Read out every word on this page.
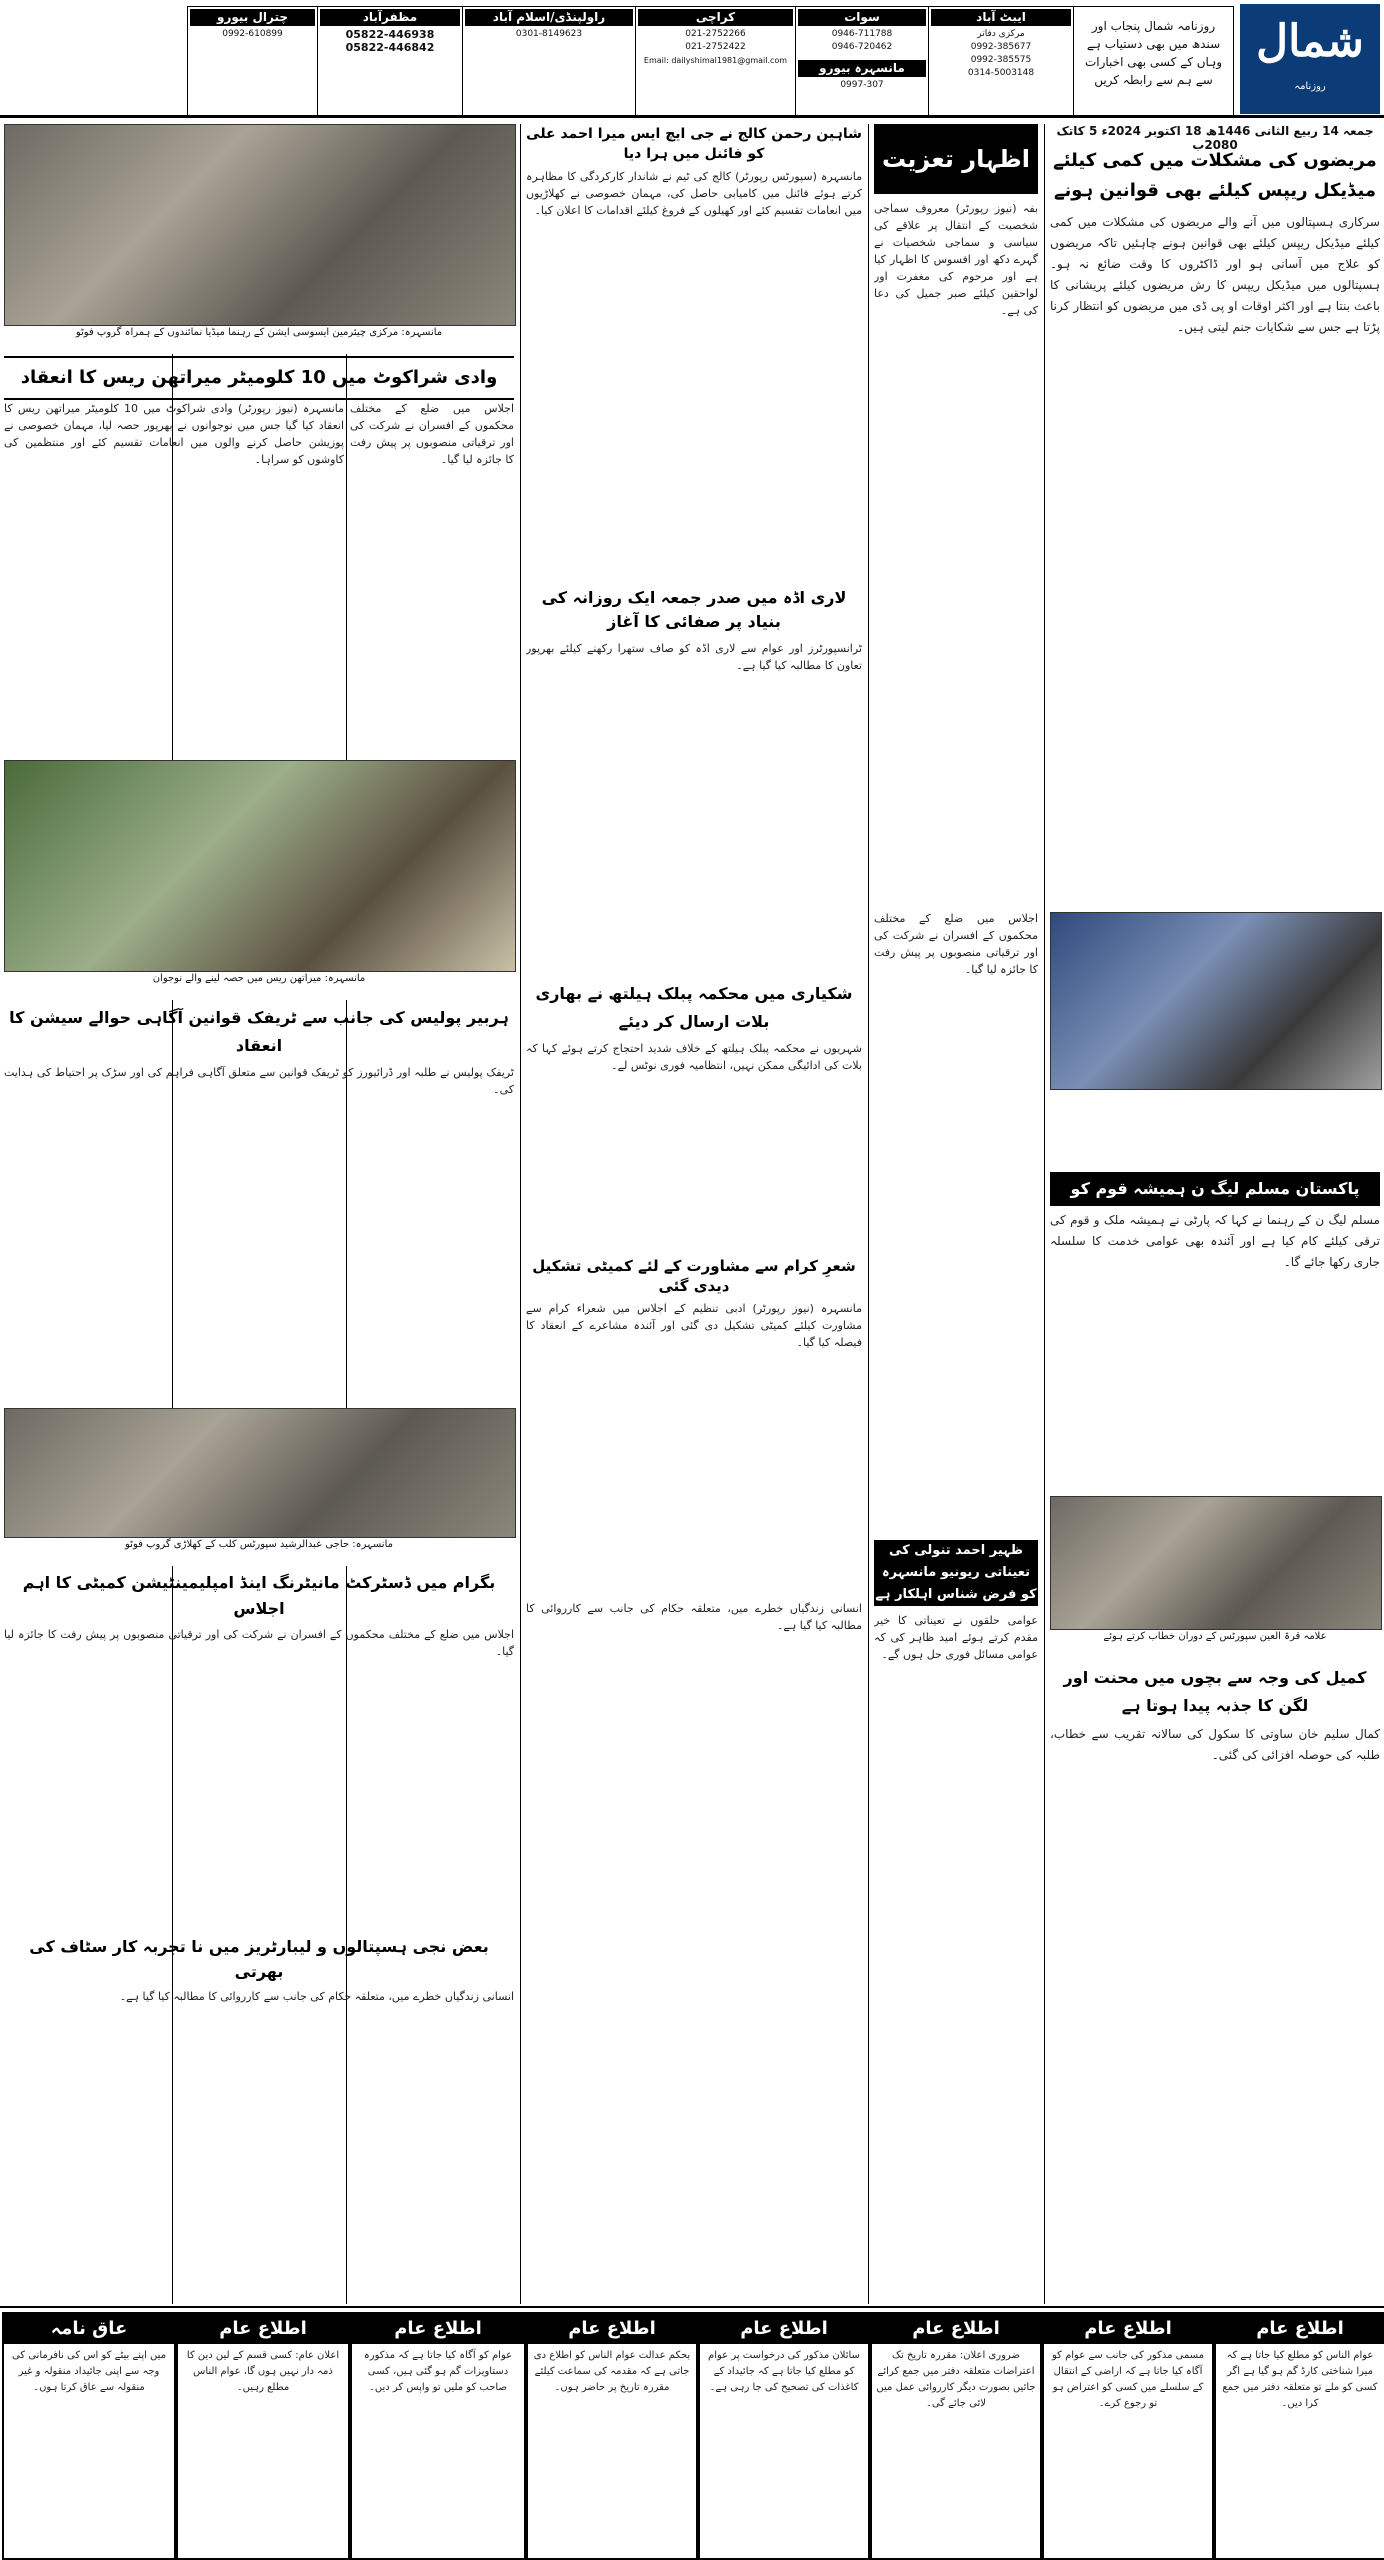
شمال
روزنامہ
روزنامہ شمال پنجاب اور سندھ میں بھی دستیاب ہے وہاں کے کسی بھی اخبارات سے ہم سے رابطہ کریں
ایبٹ آباد
مرکزی دفاتر
0992-385677
0992-385575
0314-5003148
سوات
0946-711788
0946-720462
مانسہرہ بیورو
0997-307
کراچی
021-2752266
021-2752422
Email: dailyshimal1981@gmail.com
راولپنڈی/اسلام آباد
0301-8149623
مظفرآباد
05822-446938
05822-446842
چترال بیورو
0992-610899
جمعہ 14 ربیع الثانی 1446ھ 18 اکتوبر 2024ء 5 کاتک 2080ب
مریضوں کی مشکلات میں کمی کیلئے میڈیکل ریپس کیلئے بھی قوانین ہونے
سرکاری ہسپتالوں میں آنے والے مریضوں کی مشکلات میں کمی کیلئے میڈیکل ریپس کیلئے بھی قوانین ہونے چاہئیں تاکہ مریضوں کو علاج میں آسانی ہو اور ڈاکٹروں کا وقت ضائع نہ ہو۔ ہسپتالوں میں میڈیکل ریپس کا رش مریضوں کیلئے پریشانی کا باعث بنتا ہے اور اکثر اوقات او پی ڈی میں مریضوں کو انتظار کرنا پڑتا ہے جس سے شکایات جنم لیتی ہیں۔
پاکستان مسلم لیگ ن ہمیشہ قوم کو
مسلم لیگ ن کے رہنما نے کہا کہ پارٹی نے ہمیشہ ملک و قوم کی ترقی کیلئے کام کیا ہے اور آئندہ بھی عوامی خدمت کا سلسلہ جاری رکھا جائے گا۔
علامہ قرۃ العین سپورٹس کے دوران خطاب کرتے ہوئے
کمیل کی وجہ سے بچوں میں محنت اور لگن کا جذبہ پیدا ہوتا ہے
کمال سلیم خان ساوتی کا سکول کی سالانہ تقریب سے خطاب، طلبہ کی حوصلہ افزائی کی گئی۔
اظہار تعزیت
بفہ (نیوز رپورٹر) معروف سماجی شخصیت کے انتقال پر علاقے کی سیاسی و سماجی شخصیات نے گہرے دکھ اور افسوس کا اظہار کیا ہے اور مرحوم کی مغفرت اور لواحقین کیلئے صبر جمیل کی دعا کی ہے۔
اجلاس میں ضلع کے مختلف محکموں کے افسران نے شرکت کی اور ترقیاتی منصوبوں پر پیش رفت کا جائزہ لیا گیا۔
ظہیر احمد تنولی کی تعیناتی ریونیو مانسہرہ کو فرض شناس اہلکار ہے
عوامی حلقوں نے تعیناتی کا خیر مقدم کرتے ہوئے امید ظاہر کی کہ عوامی مسائل فوری حل ہوں گے۔
شاہین رحمن کالج نے جی ایچ ایس میرا احمد علی کو فائنل میں ہرا دیا
مانسہرہ (سپورٹس رپورٹر) کالج کی ٹیم نے شاندار کارکردگی کا مظاہرہ کرتے ہوئے فائنل میں کامیابی حاصل کی، مہمان خصوصی نے کھلاڑیوں میں انعامات تقسیم کئے اور کھیلوں کے فروغ کیلئے اقدامات کا اعلان کیا۔
لاری اڈہ میں صدر جمعہ ایک روزانہ کی بنیاد پر صفائی کا آغاز
ٹرانسپورٹرز اور عوام سے لاری اڈہ کو صاف ستھرا رکھنے کیلئے بھرپور تعاون کا مطالبہ کیا گیا ہے۔
شکیاری میں محکمہ پبلک ہیلتھ نے بھاری بلات ارسال کر دیئے
شہریوں نے محکمہ پبلک ہیلتھ کے خلاف شدید احتجاج کرتے ہوئے کہا کہ بلات کی ادائیگی ممکن نہیں، انتظامیہ فوری نوٹس لے۔
شعرِ کرام سے مشاورت کے لئے کمیٹی تشکیل دیدی گئی
مانسہرہ (نیوز رپورٹر) ادبی تنظیم کے اجلاس میں شعراء کرام سے مشاورت کیلئے کمیٹی تشکیل دی گئی اور آئندہ مشاعرے کے انعقاد کا فیصلہ کیا گیا۔
انسانی زندگیاں خطرے میں، متعلقہ حکام کی جانب سے کارروائی کا مطالبہ کیا گیا ہے۔
مانسہرہ: مرکزی چیئرمین ایسوسی ایشن کے رہنما میڈیا نمائندوں کے ہمراہ گروپ فوٹو
وادی شراکوٹ میں 10 کلومیٹر میراتھن ریس کا انعقاد
مانسہرہ (نیوز رپورٹر) وادی شراکوٹ میں 10 کلومیٹر میراتھن ریس کا انعقاد کیا گیا جس میں نوجوانوں نے بھرپور حصہ لیا، مہمان خصوصی نے پوزیشن حاصل کرنے والوں میں انعامات تقسیم کئے اور منتظمین کی کاوشوں کو سراہا۔
اجلاس میں ضلع کے مختلف محکموں کے افسران نے شرکت کی اور ترقیاتی منصوبوں پر پیش رفت کا جائزہ لیا گیا۔
مانسہرہ: میراتھن ریس میں حصہ لینے والے نوجوان
ہربیر پولیس کی جانب سے ٹریفک قوانین آگاہی حوالے سیشن کا انعقاد
ٹریفک پولیس نے طلبہ اور ڈرائیورز کو ٹریفک قوانین سے متعلق آگاہی فراہم کی اور سڑک پر احتیاط کی ہدایت کی۔
مانسہرہ: حاجی عبدالرشید سپورٹس کلب کے کھلاڑی گروپ فوٹو
بگرام میں ڈسٹرکٹ مانیٹرنگ اینڈ امپلیمینٹیشن کمیٹی کا اہم اجلاس
اجلاس میں ضلع کے مختلف محکموں کے افسران نے شرکت کی اور ترقیاتی منصوبوں پر پیش رفت کا جائزہ لیا گیا۔
بعض نجی ہسپتالوں و لیبارٹریز میں نا تجربہ کار سٹاف کی بھرتی
انسانی زندگیاں خطرے میں، متعلقہ حکام کی جانب سے کارروائی کا مطالبہ کیا گیا ہے۔
اطلاع عام
عوام الناس کو مطلع کیا جاتا ہے کہ میرا شناختی کارڈ گم ہو گیا ہے اگر کسی کو ملے تو متعلقہ دفتر میں جمع کرا دیں۔
اطلاع عام
مسمی مذکور کی جانب سے عوام کو آگاہ کیا جاتا ہے کہ اراضی کے انتقال کے سلسلے میں کسی کو اعتراض ہو تو رجوع کرے۔
اطلاع عام
ضروری اعلان: مقررہ تاریخ تک اعتراضات متعلقہ دفتر میں جمع کرائے جائیں بصورت دیگر کارروائی عمل میں لائی جائے گی۔
اطلاع عام
سائلان مذکور کی درخواست پر عوام کو مطلع کیا جاتا ہے کہ جائیداد کے کاغذات کی تصحیح کی جا رہی ہے۔
اطلاع عام
بحکم عدالت عوام الناس کو اطلاع دی جاتی ہے کہ مقدمہ کی سماعت کیلئے مقررہ تاریخ پر حاضر ہوں۔
اطلاع عام
عوام کو آگاہ کیا جاتا ہے کہ مذکورہ دستاویزات گم ہو گئی ہیں، کسی صاحب کو ملیں تو واپس کر دیں۔
اطلاع عام
اعلان عام: کسی قسم کے لین دین کا ذمہ دار نہیں ہوں گا، عوام الناس مطلع رہیں۔
عاق نامہ
میں اپنے بیٹے کو اس کی نافرمانی کی وجہ سے اپنی جائیداد منقولہ و غیر منقولہ سے عاق کرتا ہوں۔
